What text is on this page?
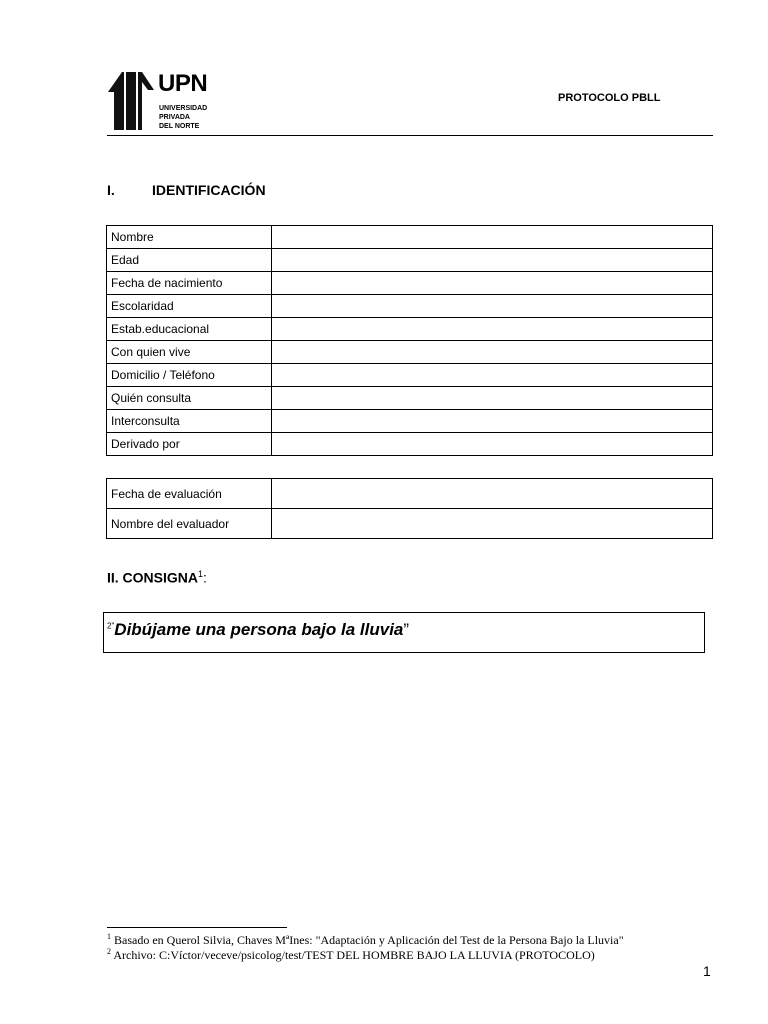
UPN
UNIVERSIDAD
PRIVADA
DEL NORTE
PROTOCOLO PBLL
I.	IDENTIFICACIÓN
Nombre	
Edad	
Fecha de nacimiento	
Escolaridad	
Estab.educacional	
Con quien vive	
Domicilio / Teléfono	
Quién consulta	
Interconsulta	
Derivado por	
Fecha de evaluación	
Nombre del evaluador	
II. CONSIGNA$^1$:
$^{2"}$Dibújame una persona bajo la lluvia”
$^1$ Basado en Querol Silvia, Chaves MªInes: "Adaptación y Aplicación del Test de la Persona Bajo la Lluvia"
$^2$ Archivo: C:Víctor/veceve/psicolog/test/TEST DEL HOMBRE BAJO LA LLUVIA (PROTOCOLO)
1
